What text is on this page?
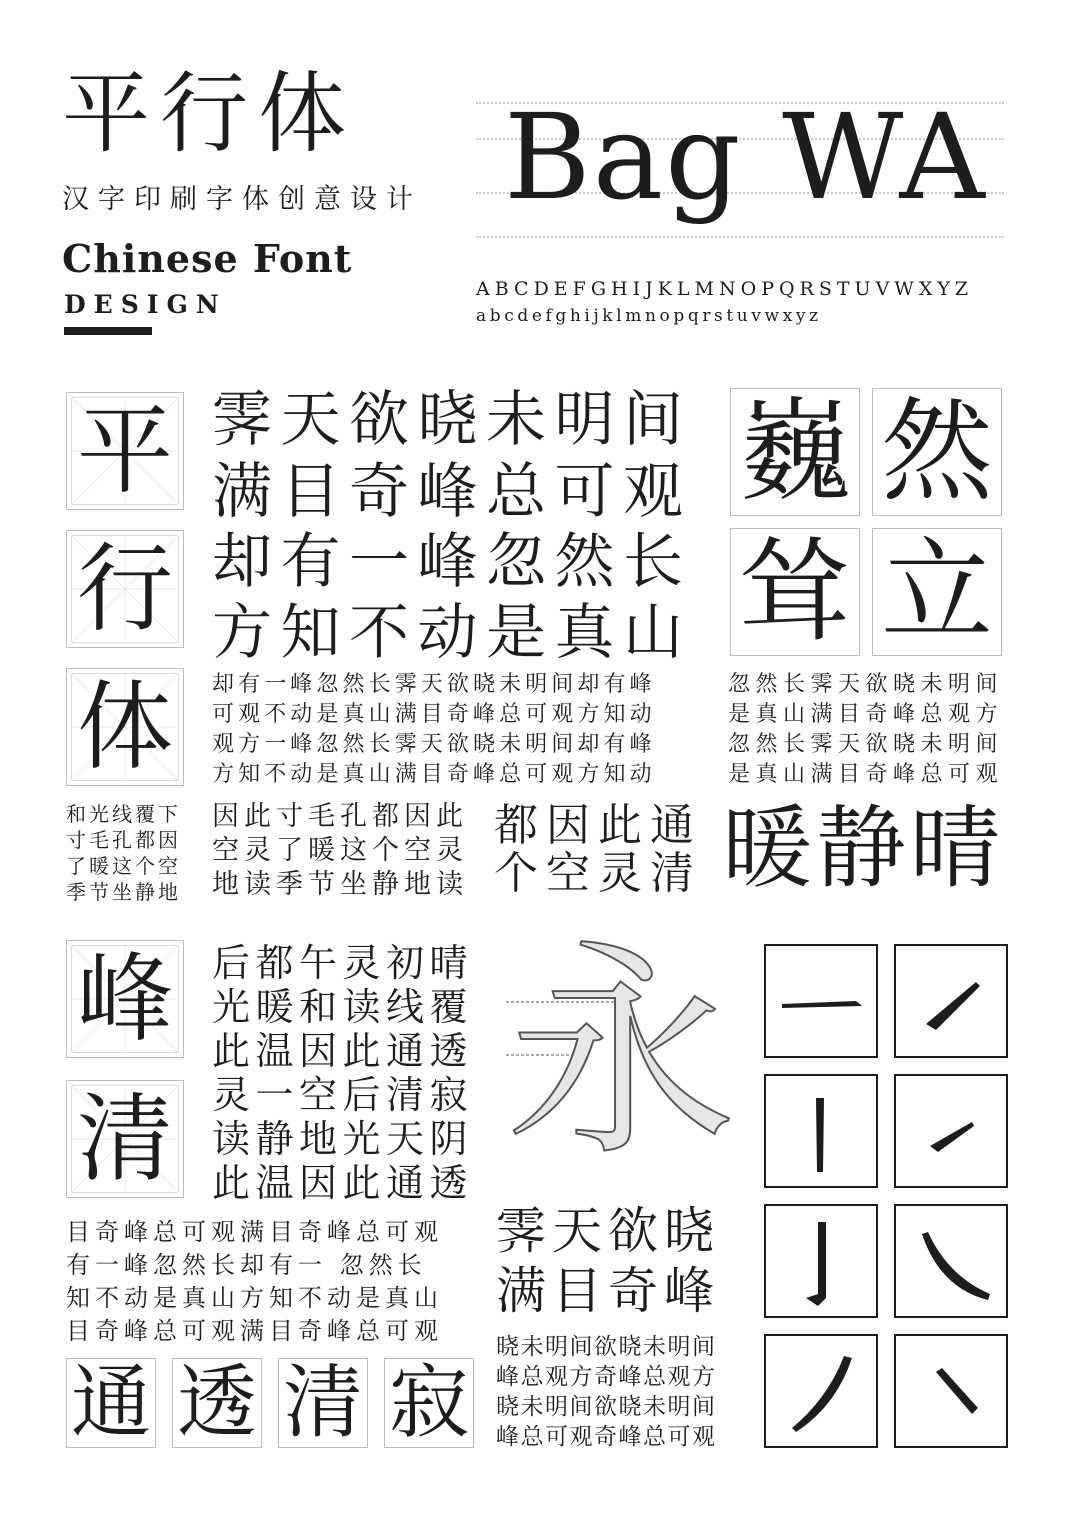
平行体
汉字印刷字体创意设计
Chinese Font
DESIGN
Bag WA
ABCDEFGHIJKLMNOPQRSTUVWXYZ
abcdefghijklmnopqrstuvwxyz
平
行
体
霁天欲晓未明间
满目奇峰总可观
却有一峰忽然长
方知不动是真山
巍 然
耸 立
却有一峰忽然长霁天欲晓未明间却有峰
可观不动是真山满目奇峰总可观方知动
观方一峰忽然长霁天欲晓未明间却有峰
方知不动是真山满目奇峰总可观方知动
忽然长霁天欲晓未明间
是真山满目奇峰总观方
忽然长霁天欲晓未明间
是真山满目奇峰总可观
和光线覆下
寸毛孔都因
了暖这个空
季节坐静地
因此寸毛孔都因此
空灵了暖这个空灵
地读季节坐静地读
都因此通
个空灵清 暖静晴
峰
清
后都午灵初晴
光暖和读线覆
此温因此通透
灵一空后清寂
读静地光天阴
此温因此通透
目奇峰总可观满目奇峰总可观
有一峰忽然长却有一 忽然长
知不动是真山方知不动是真山
目奇峰总可观满目奇峰总可观
通 透 清 寂
永
霁天欲晓
满目奇峰
晓未明间欲晓未明间
峰总观方奇峰总观方
晓未明间欲晓未明间
峰总可观奇峰总可观
